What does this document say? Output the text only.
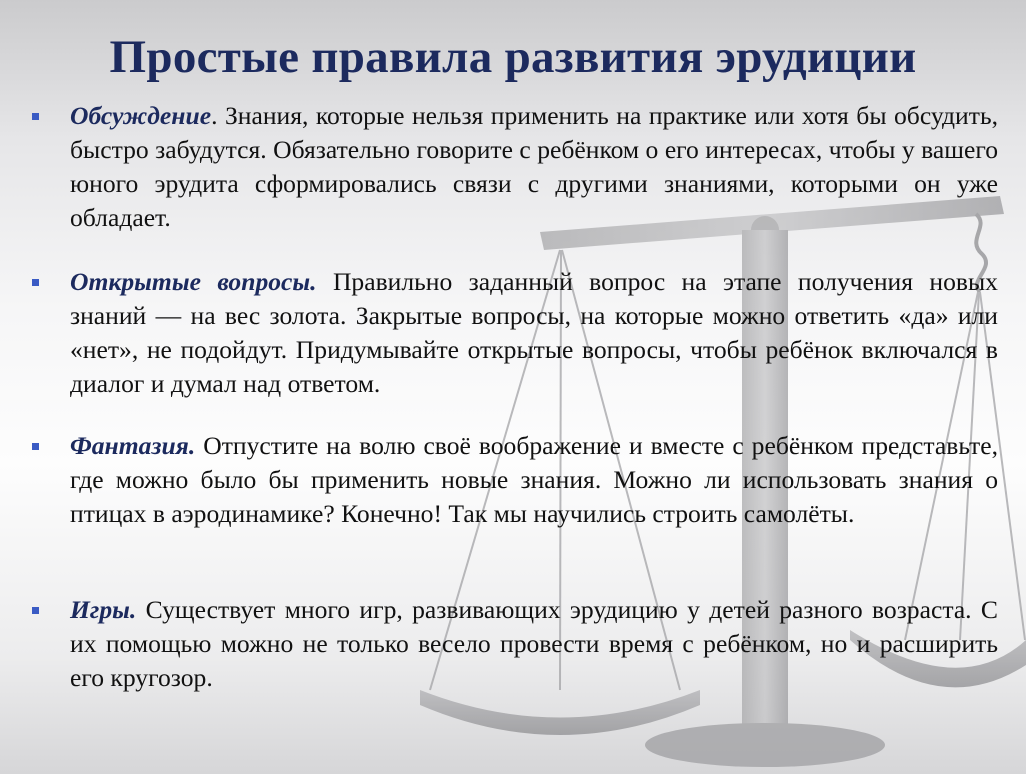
Простые правила развития эрудиции

Обсуждение. Знания, которые нельзя применить на практике или хотя бы обсудить, быстро забудутся. Обязательно говорите с ребёнком о его интересах, чтобы у вашего юного эрудита сформировались связи с другими знаниями, которыми он уже обладает.

Открытые вопросы. Правильно заданный вопрос на этапе получения новых знаний — на вес золота. Закрытые вопросы, на которые можно ответить «да» или «нет», не подойдут. Придумывайте открытые вопросы, чтобы ребёнок включался в диалог и думал над ответом.

Фантазия. Отпустите на волю своё воображение и вместе с ребёнком представьте, где можно было бы применить новые знания. Можно ли использовать знания о птицах в аэродинамике? Конечно! Так мы научились строить самолёты.

Игры. Существует много игр, развивающих эрудицию у детей разного возраста. С их помощью можно не только весело провести время с ребёнком, но и расширить его кругозор.
